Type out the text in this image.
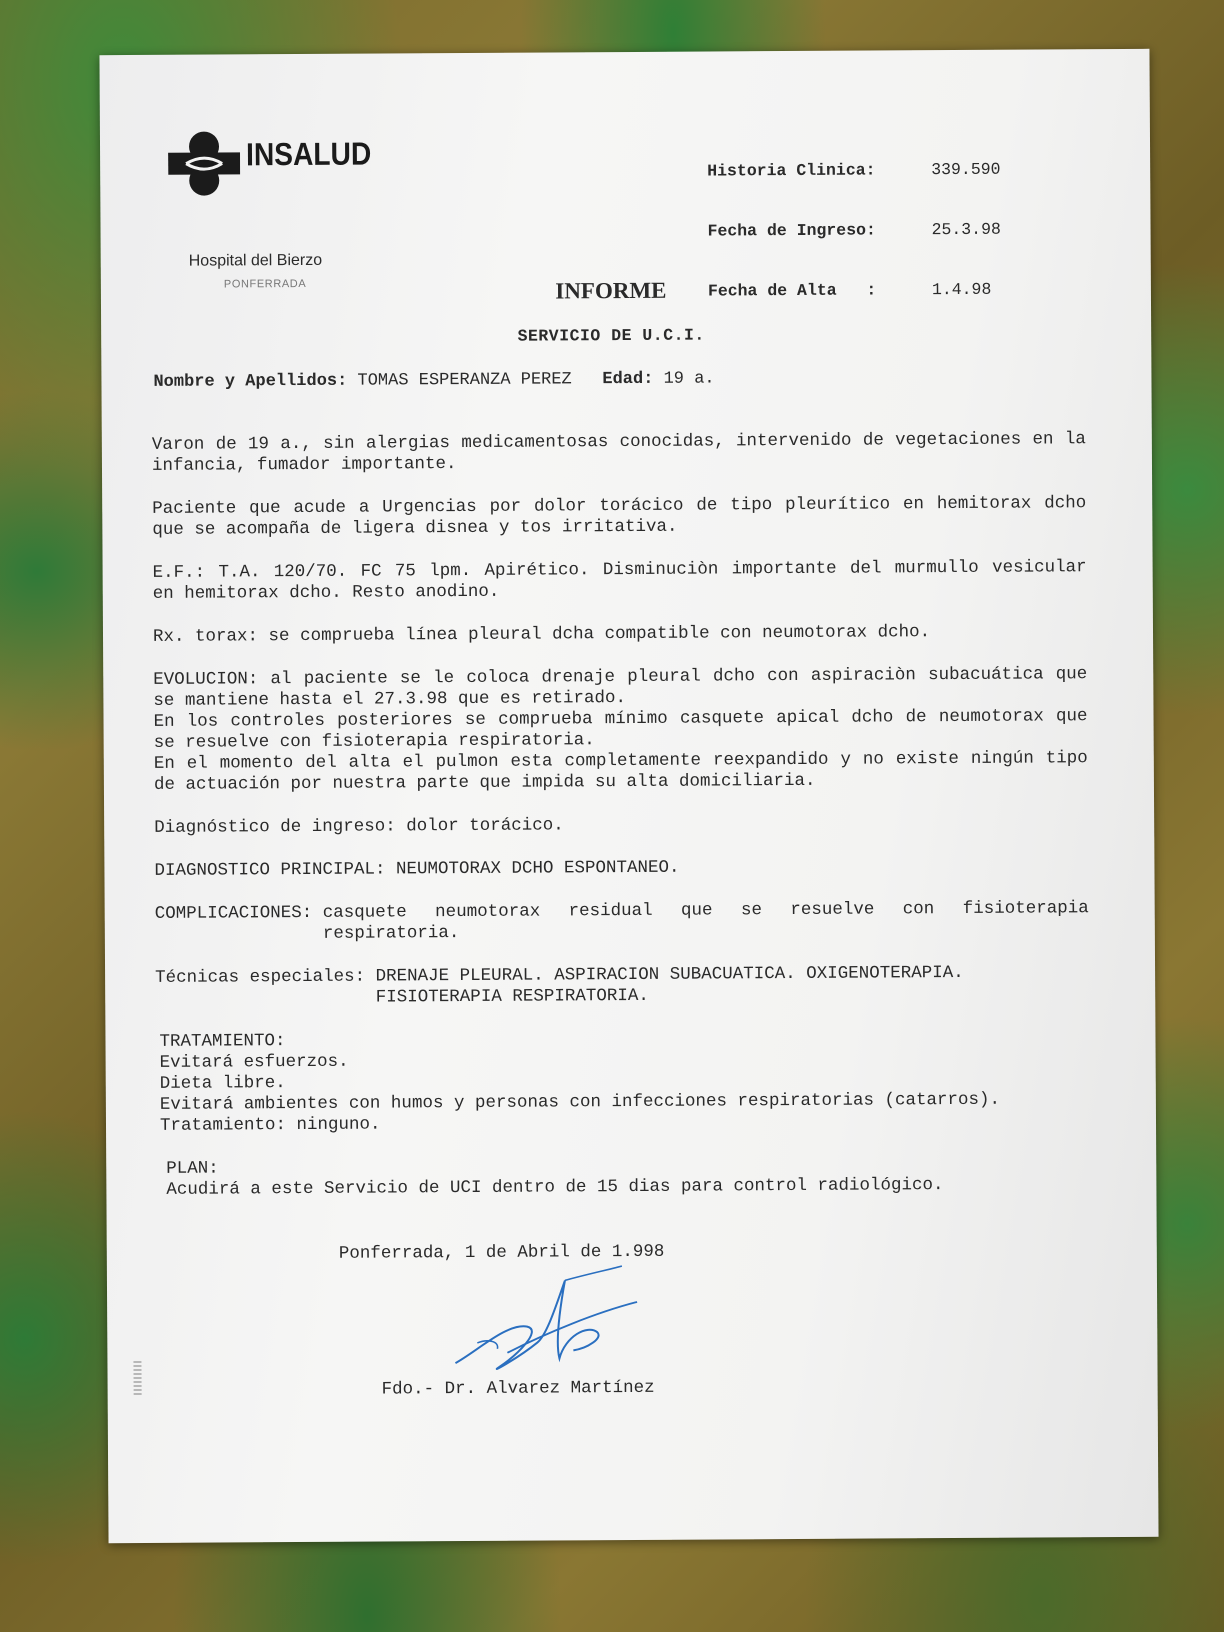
INSALUD
Hospital del Bierzo
PONFERRADA

Historia Clinica:	339.590

Fecha de Ingreso:	25.3.98

Fecha de Alta   :	1.4.98

INFORME
SERVICIO DE U.C.I.
Nombre y Apellidos: TOMAS ESPERANZA PEREZ Edad: 19 a.

Varon de 19 a., sin alergias medicamentosas conocidas, intervenido de vegetaciones en la infancia, fumador importante.

Paciente que acude a Urgencias por dolor torácico de tipo pleurítico en hemitorax dcho que se acompaña de ligera disnea y tos irritativa.

E.F.: T.A. 120/70. FC 75 lpm. Apirético. Disminuciòn importante del murmullo vesicular en hemitorax dcho. Resto anodino.

Rx. torax: se comprueba línea pleural dcha compatible con neumotorax dcho.

EVOLUCION: al paciente se le coloca drenaje pleural dcho con aspiraciòn subacuática que se mantiene hasta el 27.3.98 que es retirado.

En los controles posteriores se comprueba mínimo casquete apical dcho de neumotorax que se resuelve con fisioterapia respiratoria.

En el momento del alta el pulmon esta completamente reexpandido y no existe ningún tipo de actuación por nuestra parte que impida su alta domiciliaria.

Diagnóstico de ingreso: dolor torácico.

DIAGNOSTICO PRINCIPAL: NEUMOTORAX DCHO ESPONTANEO.

COMPLICACIONES: casquete neumotorax residual que se resuelve con fisioterapia respiratoria.
Técnicas especiales: DRENAJE PLEURAL. ASPIRACION SUBACUATICA. OXIGENOTERAPIA. FISIOTERAPIA RESPIRATORIA.
TRATAMIENTO:
Evitará esfuerzos.
Dieta libre.
Evitará ambientes con humos y personas con infecciones respiratorias (catarros).
Tratamiento: ninguno.
PLAN:
Acudirá a este Servicio de UCI dentro de 15 dias para control radiológico.
Ponferrada, 1 de Abril de 1.998
Fdo.- Dr. Alvarez Martínez
